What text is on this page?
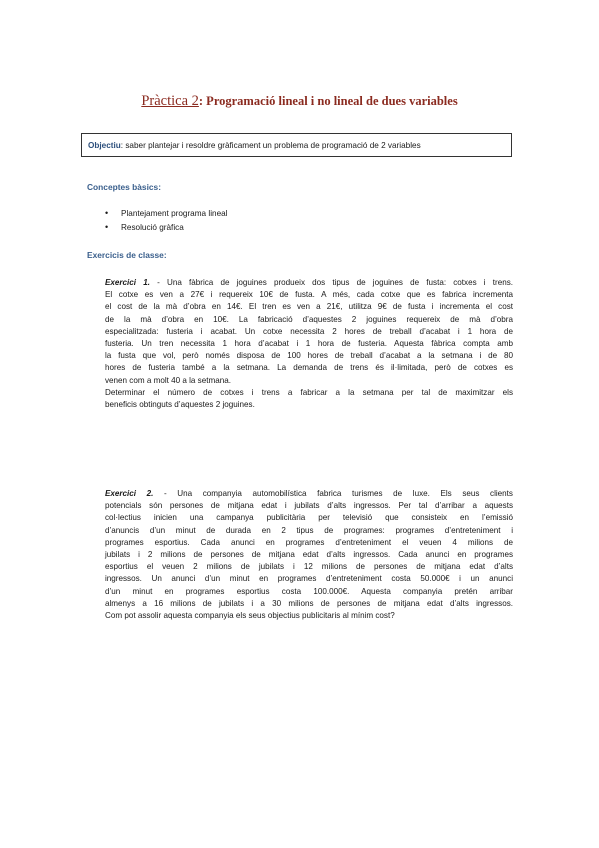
Pràctica 2: Programació lineal i no lineal de dues variables
Objectiu: saber plantejar i resoldre gràficament un problema de programació de 2 variables
Conceptes bàsics:
• Plantejament programa lineal
• Resolució gràfica
Exercicis de classe:
Exercici 1. - Una fàbrica de joguines produeix dos tipus de joguines de fusta: cotxes i trens.
El cotxe es ven a 27€ i requereix 10€ de fusta. A més, cada cotxe que es fabrica incrementa
el cost de la mà d’obra en 14€. El tren es ven a 21€, utilitza 9€ de fusta i incrementa el cost
de la mà d’obra en 10€. La fabricació d’aquestes 2 joguines requereix de mà d’obra
especialitzada: fusteria i acabat. Un cotxe necessita 2 hores de treball d’acabat i 1 hora de
fusteria. Un tren necessita 1 hora d’acabat i 1 hora de fusteria. Aquesta fàbrica compta amb
la fusta que vol, però només disposa de 100 hores de treball d’acabat a la setmana i de 80
hores de fusteria també a la setmana. La demanda de trens és il·limitada, però de cotxes es
venen com a molt 40 a la setmana.
Determinar el número de cotxes i trens a fabricar a la setmana per tal de maximitzar els
beneficis obtinguts d’aquestes 2 joguines.
Exercici 2. - Una companyia automobilística fabrica turismes de luxe. Els seus clients
potencials són persones de mitjana edat i jubilats d’alts ingressos. Per tal d’arribar a aquests
col·lectius inicien una campanya publicitària per televisió que consisteix en l’emissió
d’anuncis d’un minut de durada en 2 tipus de programes: programes d’entreteniment i
programes esportius. Cada anunci en programes d’entreteniment el veuen 4 milions de
jubilats i 2 milions de persones de mitjana edat d’alts ingressos. Cada anunci en programes
esportius el veuen 2 milions de jubilats i 12 milions de persones de mitjana edat d’alts
ingressos. Un anunci d’un minut en programes d’entreteniment costa 50.000€ i un anunci
d’un minut en programes esportius costa 100.000€. Aquesta companyia pretén arribar
almenys a 16 milions de jubilats i a 30 milions de persones de mitjana edat d’alts ingressos.
Com pot assolir aquesta companyia els seus objectius publicitaris al mínim cost?
